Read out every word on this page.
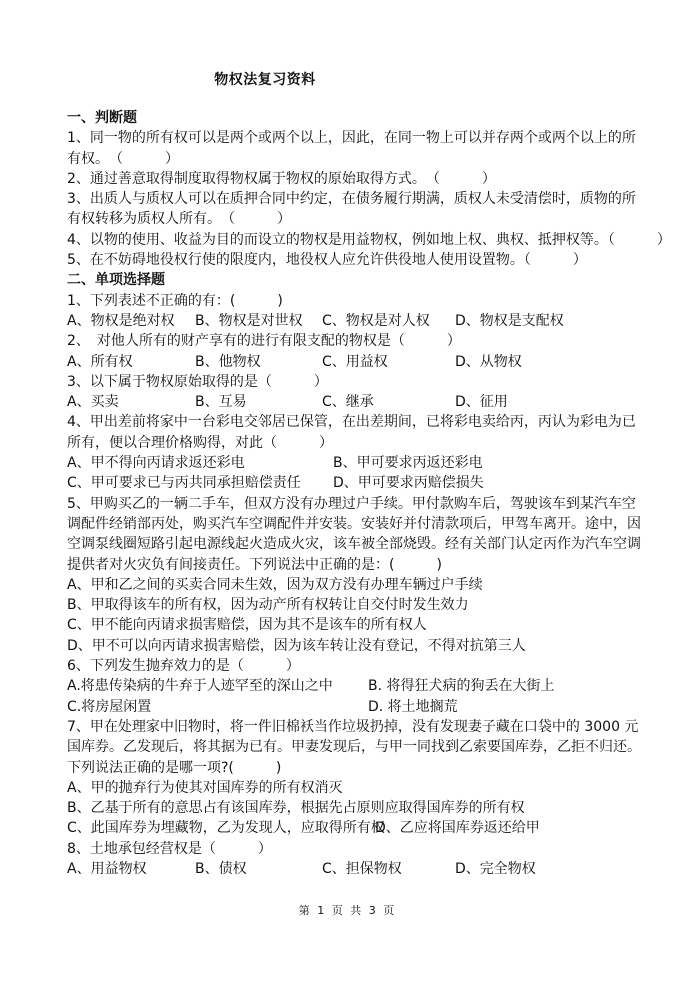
物权法复习资料
一、判断题
1、同一物的所有权可以是两个或两个以上，因此，在同一物上可以并存两个或两个以上的所
有权。　（　　　）
2、通过善意取得制度取得物权属于物权的原始取得方式。　（　　　）
3、出质人与质权人可以在质押合同中约定，在债务履行期满，质权人未受清偿时，质物的所
有权转移为质权人所有。　（　　　）
4、以物的使用、收益为目的而设立的物权是用益物权，例如地上权、典权、抵押权等。（　　　）
5、在不妨碍地役权行使的限度内，地役权人应允许供役地人使用设置物。（　　　）
二、单项选择题
1、下列表述不正确的有：(　　　)
A、物权是绝对权 B、物权是对世权 C、物权是对人权 D、物权是支配权
2、　对他人所有的财产享有的进行有限支配的物权是（　　　）
A、所有权	B、他物权	C、用益权	D、从物权
3、以下属于物权原始取得的是（　　　）
A、买卖	B、互易	C、继承	D、征用
4、甲出差前将家中一台彩电交邻居已保管，在出差期间，已将彩电卖给丙，丙认为彩电为已
所有，便以合理价格购得，对此（　　　）
A、甲不得向丙请求返还彩电	B、甲可要求丙返还彩电
C、甲可要求已与丙共同承担赔偿责任 D、甲可要求丙赔偿损失
5、甲购买乙的一辆二手车，但双方没有办理过户手续。甲付款购车后，驾驶该车到某汽车空
调配件经销部丙处，购买汽车空调配件并安装。安装好并付清款项后，甲驾车离开。途中，因
空调泵线圈短路引起电源线起火造成火灾，该车被全部烧毁。经有关部门认定丙作为汽车空调
提供者对火灾负有间接责任。下列说法中正确的是：(　　　)
A、甲和乙之间的买卖合同未生效，因为双方没有办理车辆过户手续
B、甲取得该车的所有权，因为动产所有权转让自交付时发生效力
C、甲不能向丙请求损害赔偿，因为其不是该车的所有权人
D、甲不可以向丙请求损害赔偿，因为该车转让没有登记，不得对抗第三人
6、下列发生抛弃效力的是（　　　）
A.将患传染病的牛弃于人迹罕至的深山之中	B. 将得狂犬病的狗丢在大街上
C.将房屋闲置	D. 将土地搁荒
7、甲在处理家中旧物时，将一件旧棉袄当作垃圾扔掉，没有发现妻子藏在口袋中的 3000 元
国库券。乙发现后，将其据为已有。甲妻发现后，与甲一同找到乙索要国库券，乙拒不归还。
下列说法正确的是哪一项?(　　　)
A、甲的抛弃行为使其对国库券的所有权消灭
B、乙基于所有的意思占有该国库券，根据先占原则应取得国库券的所有权
C、此国库券为埋藏物，乙为发现人，应取得所有权
D、乙应将国库券返还给甲
8、土地承包经营权是（　　　）
A、用益物权	B、债权	C、担保物权	D、完全物权
第 1 页 共 3 页
